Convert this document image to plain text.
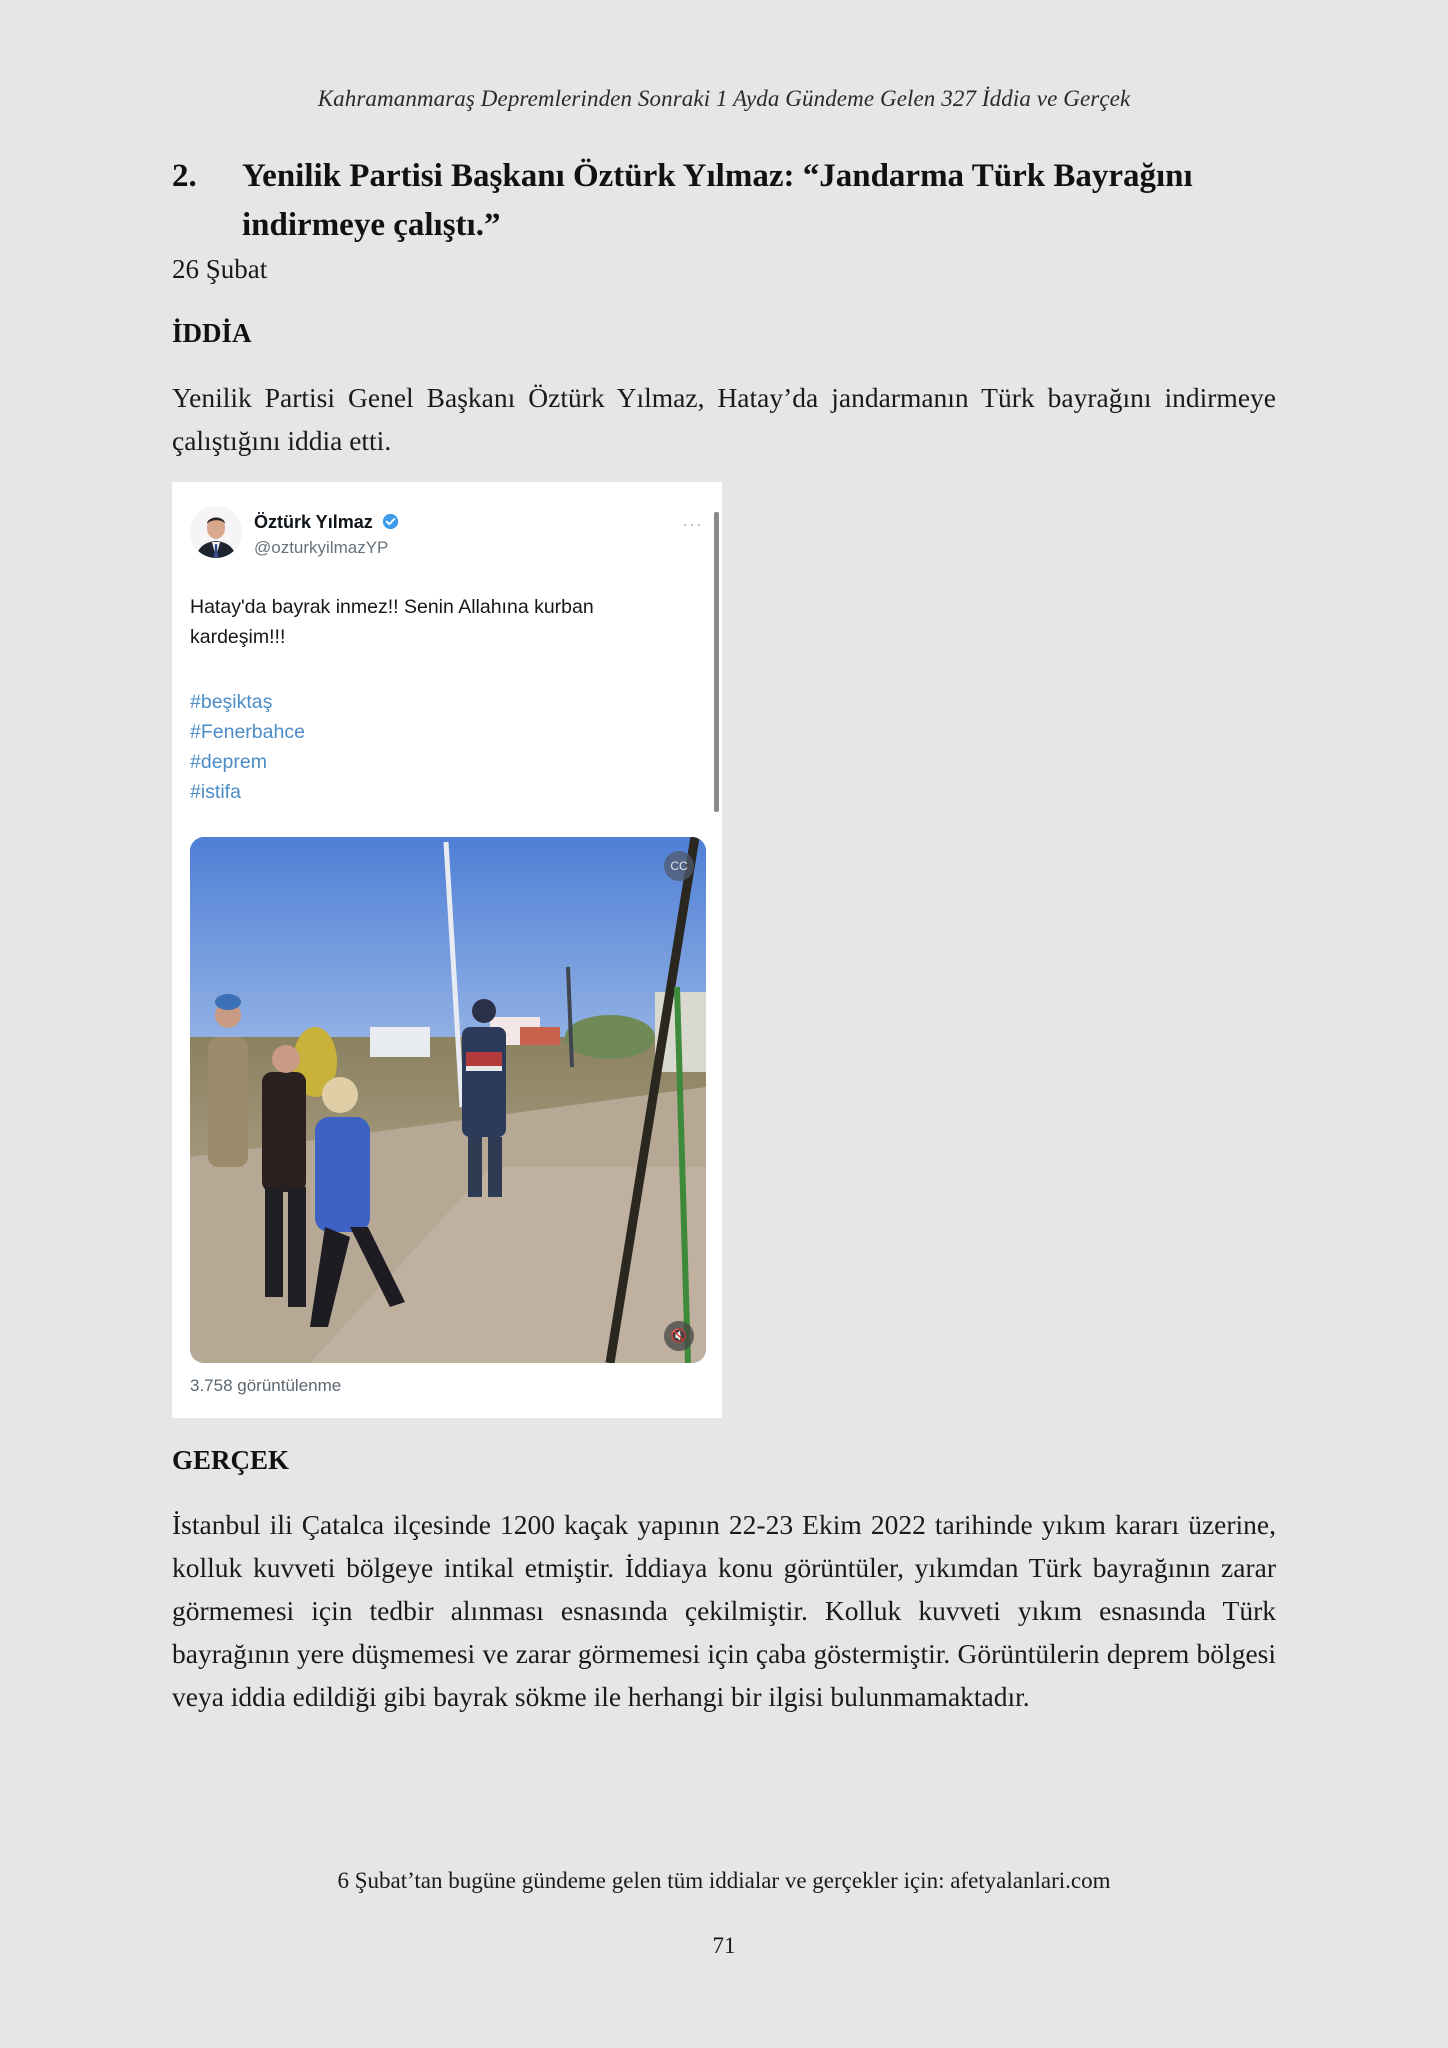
Kahramanmaraş Depremlerinden Sonraki 1 Ayda Gündeme Gelen 327 İddia ve Gerçek
2. Yenilik Partisi Başkanı Öztürk Yılmaz: “Jandarma Türk Bayrağını indirmeye çalıştı.”
26 Şubat
İDDİA
Yenilik Partisi Genel Başkanı Öztürk Yılmaz, Hatay’da jandarmanın Türk bayrağını indirmeye çalıştığını iddia etti.
Öztürk Yılmaz
@ozturkyilmazYP
···
Hatay'da bayrak inmez!! Senin Allahına kurban kardeşim!!!
#beşiktaş
#Fenerbahce
#deprem
#istifa
CC
🔇
3.758 görüntülenme
GERÇEK
İstanbul ili Çatalca ilçesinde 1200 kaçak yapının 22-23 Ekim 2022 tarihinde yıkım kararı üzerine, kolluk kuvveti bölgeye intikal etmiştir. İddiaya konu görüntüler, yıkımdan Türk bayrağının zarar görmemesi için tedbir alınması esnasında çekilmiştir. Kolluk kuvveti yıkım esnasında Türk bayrağının yere düşmemesi ve zarar görmemesi için çaba göstermiştir. Görüntülerin deprem bölgesi veya iddia edildiği gibi bayrak sökme ile herhangi bir ilgisi bulunmamaktadır.
6 Şubat’tan bugüne gündeme gelen tüm iddialar ve gerçekler için: afetyalanlari.com
71
